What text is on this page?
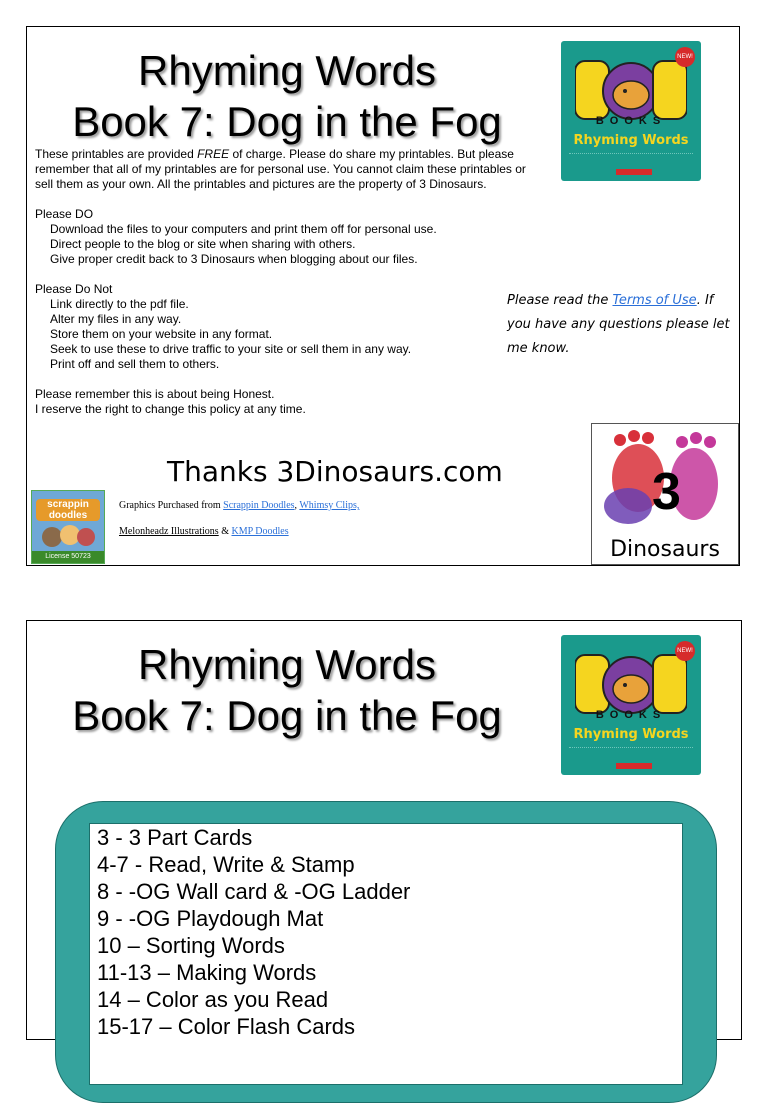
Rhyming Words
Book 7: Dog in the Fog	BOOKS
Rhyming Words
NEW!
These printables are provided FREE of charge. Please do share my printables. But please remember that all of my printables are for personal use. You cannot claim these printables or sell them as your own. All the printables and pictures are the property of 3 Dinosaurs.
Please DO
Download the files to your computers and print them off for personal use.
Direct people to the blog or site when sharing with others.
Give proper credit back to 3 Dinosaurs when blogging about our files.
Please Do Not
Link directly to the pdf file.
Alter my files in any way.
Store them on your website in any format.
Seek to use these to drive traffic to your site or sell them in any way.
Print off and sell them to others.
Please remember this is about being Honest.
I reserve the right to change this policy at any time.
Please read the Terms of Use. If you have any questions please let me know.
Thanks 3Dinosaurs.com
scrappin doodles
License 50723
Graphics Purchased from Scrappin Doodles, Whimsy Clips,
Melonheadz Illustrations & KMP Doodles
3
Dinosaurs
Rhyming Words
Book 7: Dog in the Fog	BOOKS
Rhyming Words
NEW!
3 - 3 Part Cards
4-7 - Read, Write & Stamp
8 - -OG Wall card & -OG Ladder
9 - -OG Playdough Mat
10 – Sorting Words
11-13 – Making Words
14 – Color as you Read
15-17 – Color Flash Cards
